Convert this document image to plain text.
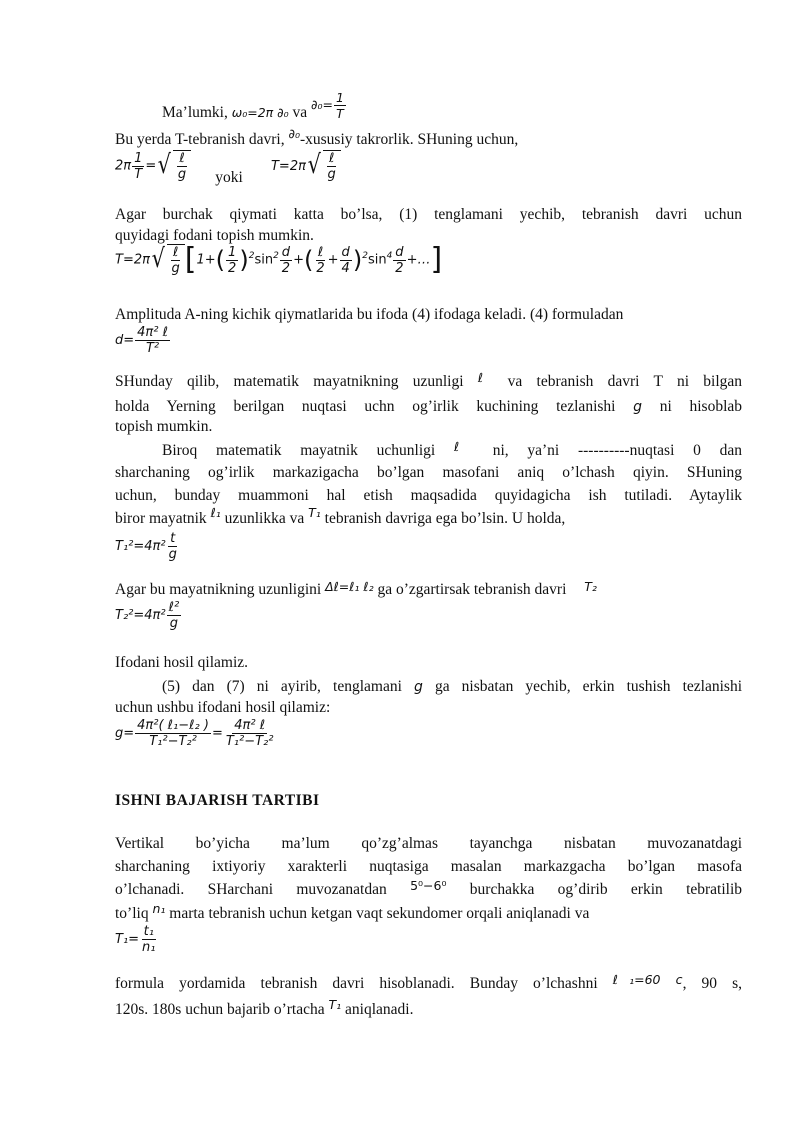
Ma’lumki, ω₀=2π ∂₀ va $^{\partial_0= \frac{1}{T}}$
Bu yerda T-tebranish davri, $^{\partial_0}$-xususiy takrorlik. SHuning uchun,
$2\pi \frac{1}{T}$ = √ $\frac{\text{ℓ}}{g}$ yoki T=2π √ $\frac{\text{ℓ}}{g}$
Agar burchak qiymati katta bo’lsa, (1) tenglamani yechib, tebranish davri uchun
quyidagi fodani topish mumkin.
T=2π √ $\frac{\text{ℓ}}{g} [1+( \frac{1}{2} )^2\sin^2 \frac{d}{2}$ +( $\frac{\text{ℓ}}{2} + \frac{d}{4} )^2\sin^4 \frac{d}{2}$ +…]
Amplituda A-ning kichik qiymatlarida bu ifoda (4) ifodaga keladi. (4) formuladan
$d= \frac{\text{4π² ℓ}}{\text{T²}}$
SHunday qilib, matematik mayatnikning uzunligi $^\ell$ va tebranish davri T ni bilgan
holda Yerning berilgan nuqtasi uchn og’irlik kuchining tezlanishi g ni hisoblab
topish mumkin.
Biroq matematik mayatnik uchunligi $^\ell$ ni, ya’ni ----------nuqtasi 0 dan
sharchaning og’irlik markazigacha bo’lgan masofani aniq o’lchash qiyin. SHuning
uchun, bunday muammoni hal etish maqsadida quyidagicha ish tutiladi. Aytaylik
biror mayatnik $^{\ell_1}$ uzunlikka va $^{T_1}$ tebranish davriga ega bo’lsin. U holda,
$T_1^2=4\pi^2 \frac{t}{g}$
Agar bu mayatnikning uzunligini Δℓ=ℓ₁ ℓ₂ ga o’zgartirsak tebranish davri T₂
$T_2^2=4\pi^2 \frac{\text{ℓ²}}{g}$
Ifodani hosil qilamiz.
(5) dan (7) ni ayirib, tenglamani g ga nisbatan yechib, erkin tushish tezlanishi
uchun ushbu ifodani hosil qilamiz:
$g= \frac{\text{4π²( ℓ₁−ℓ₂ )}}{\text{T₁²−T₂²}} = \frac{\text{4π² ℓ}}{\text{T₁²−T₂²}}$
ISHNI BAJARISH TARTIBI
Vertikal bo’yicha ma’lum qo’zg’almas tayanchga nisbatan muvozanatdagi
sharchaning ixtiyoriy xarakterli nuqtasiga masalan markazgacha bo’lgan masofa
o’lchanadi. SHarchani muvozanatdan $^{5^0-6^0}$ burchakka og’dirib erkin tebratilib
to’liq $^{n_1}$ marta tebranish uchun ketgan vaqt sekundomer orqali aniqlanadi va
$T_1= \frac{\text{t₁}}{\text{n₁}}$
formula yordamida tebranish davri hisoblanadi. Bunday o’lchashni $^{\ell_1=60 c}$, 90 s,
120s. 180s uchun bajarib o’rtacha $^{T_1}$ aniqlanadi.
